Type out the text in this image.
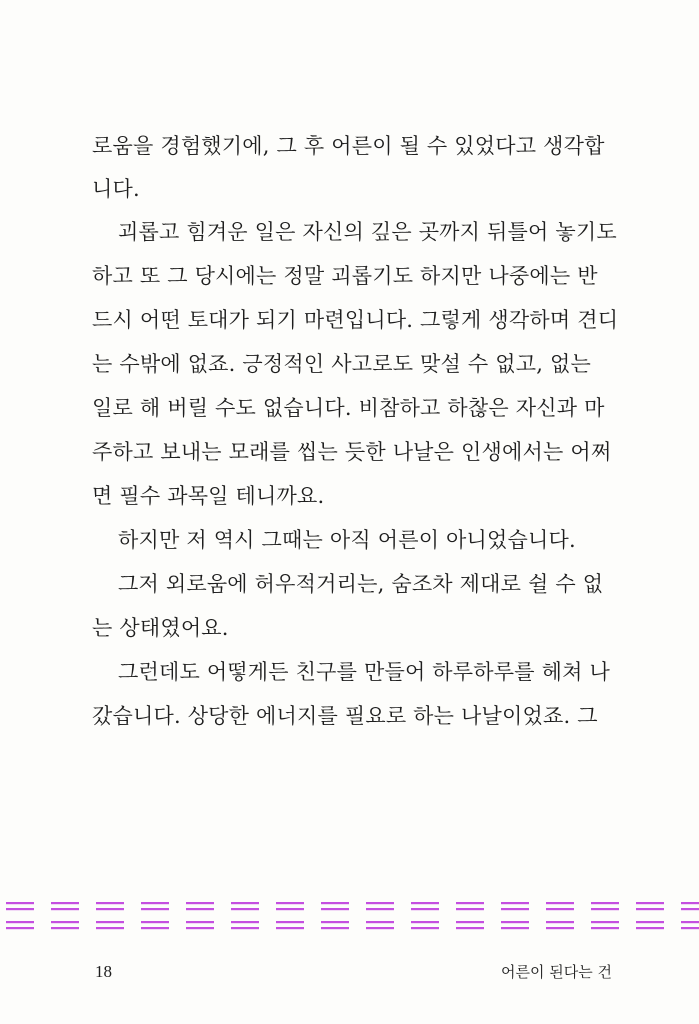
로움을 경험했기에, 그 후 어른이 될 수 있었다고 생각합
니다.
괴롭고 힘겨운 일은 자신의 깊은 곳까지 뒤틀어 놓기도
하고 또 그 당시에는 정말 괴롭기도 하지만 나중에는 반
드시 어떤 토대가 되기 마련입니다. 그렇게 생각하며 견디
는 수밖에 없죠. 긍정적인 사고로도 맞설 수 없고, 없는
일로 해 버릴 수도 없습니다. 비참하고 하찮은 자신과 마
주하고 보내는 모래를 씹는 듯한 나날은 인생에서는 어쩌
면 필수 과목일 테니까요.
하지만 저 역시 그때는 아직 어른이 아니었습니다.
그저 외로움에 허우적거리는, 숨조차 제대로 쉴 수 없
는 상태였어요.
그런데도 어떻게든 친구를 만들어 하루하루를 헤쳐 나
갔습니다. 상당한 에너지를 필요로 하는 나날이었죠. 그
18	어른이 된다는 건
